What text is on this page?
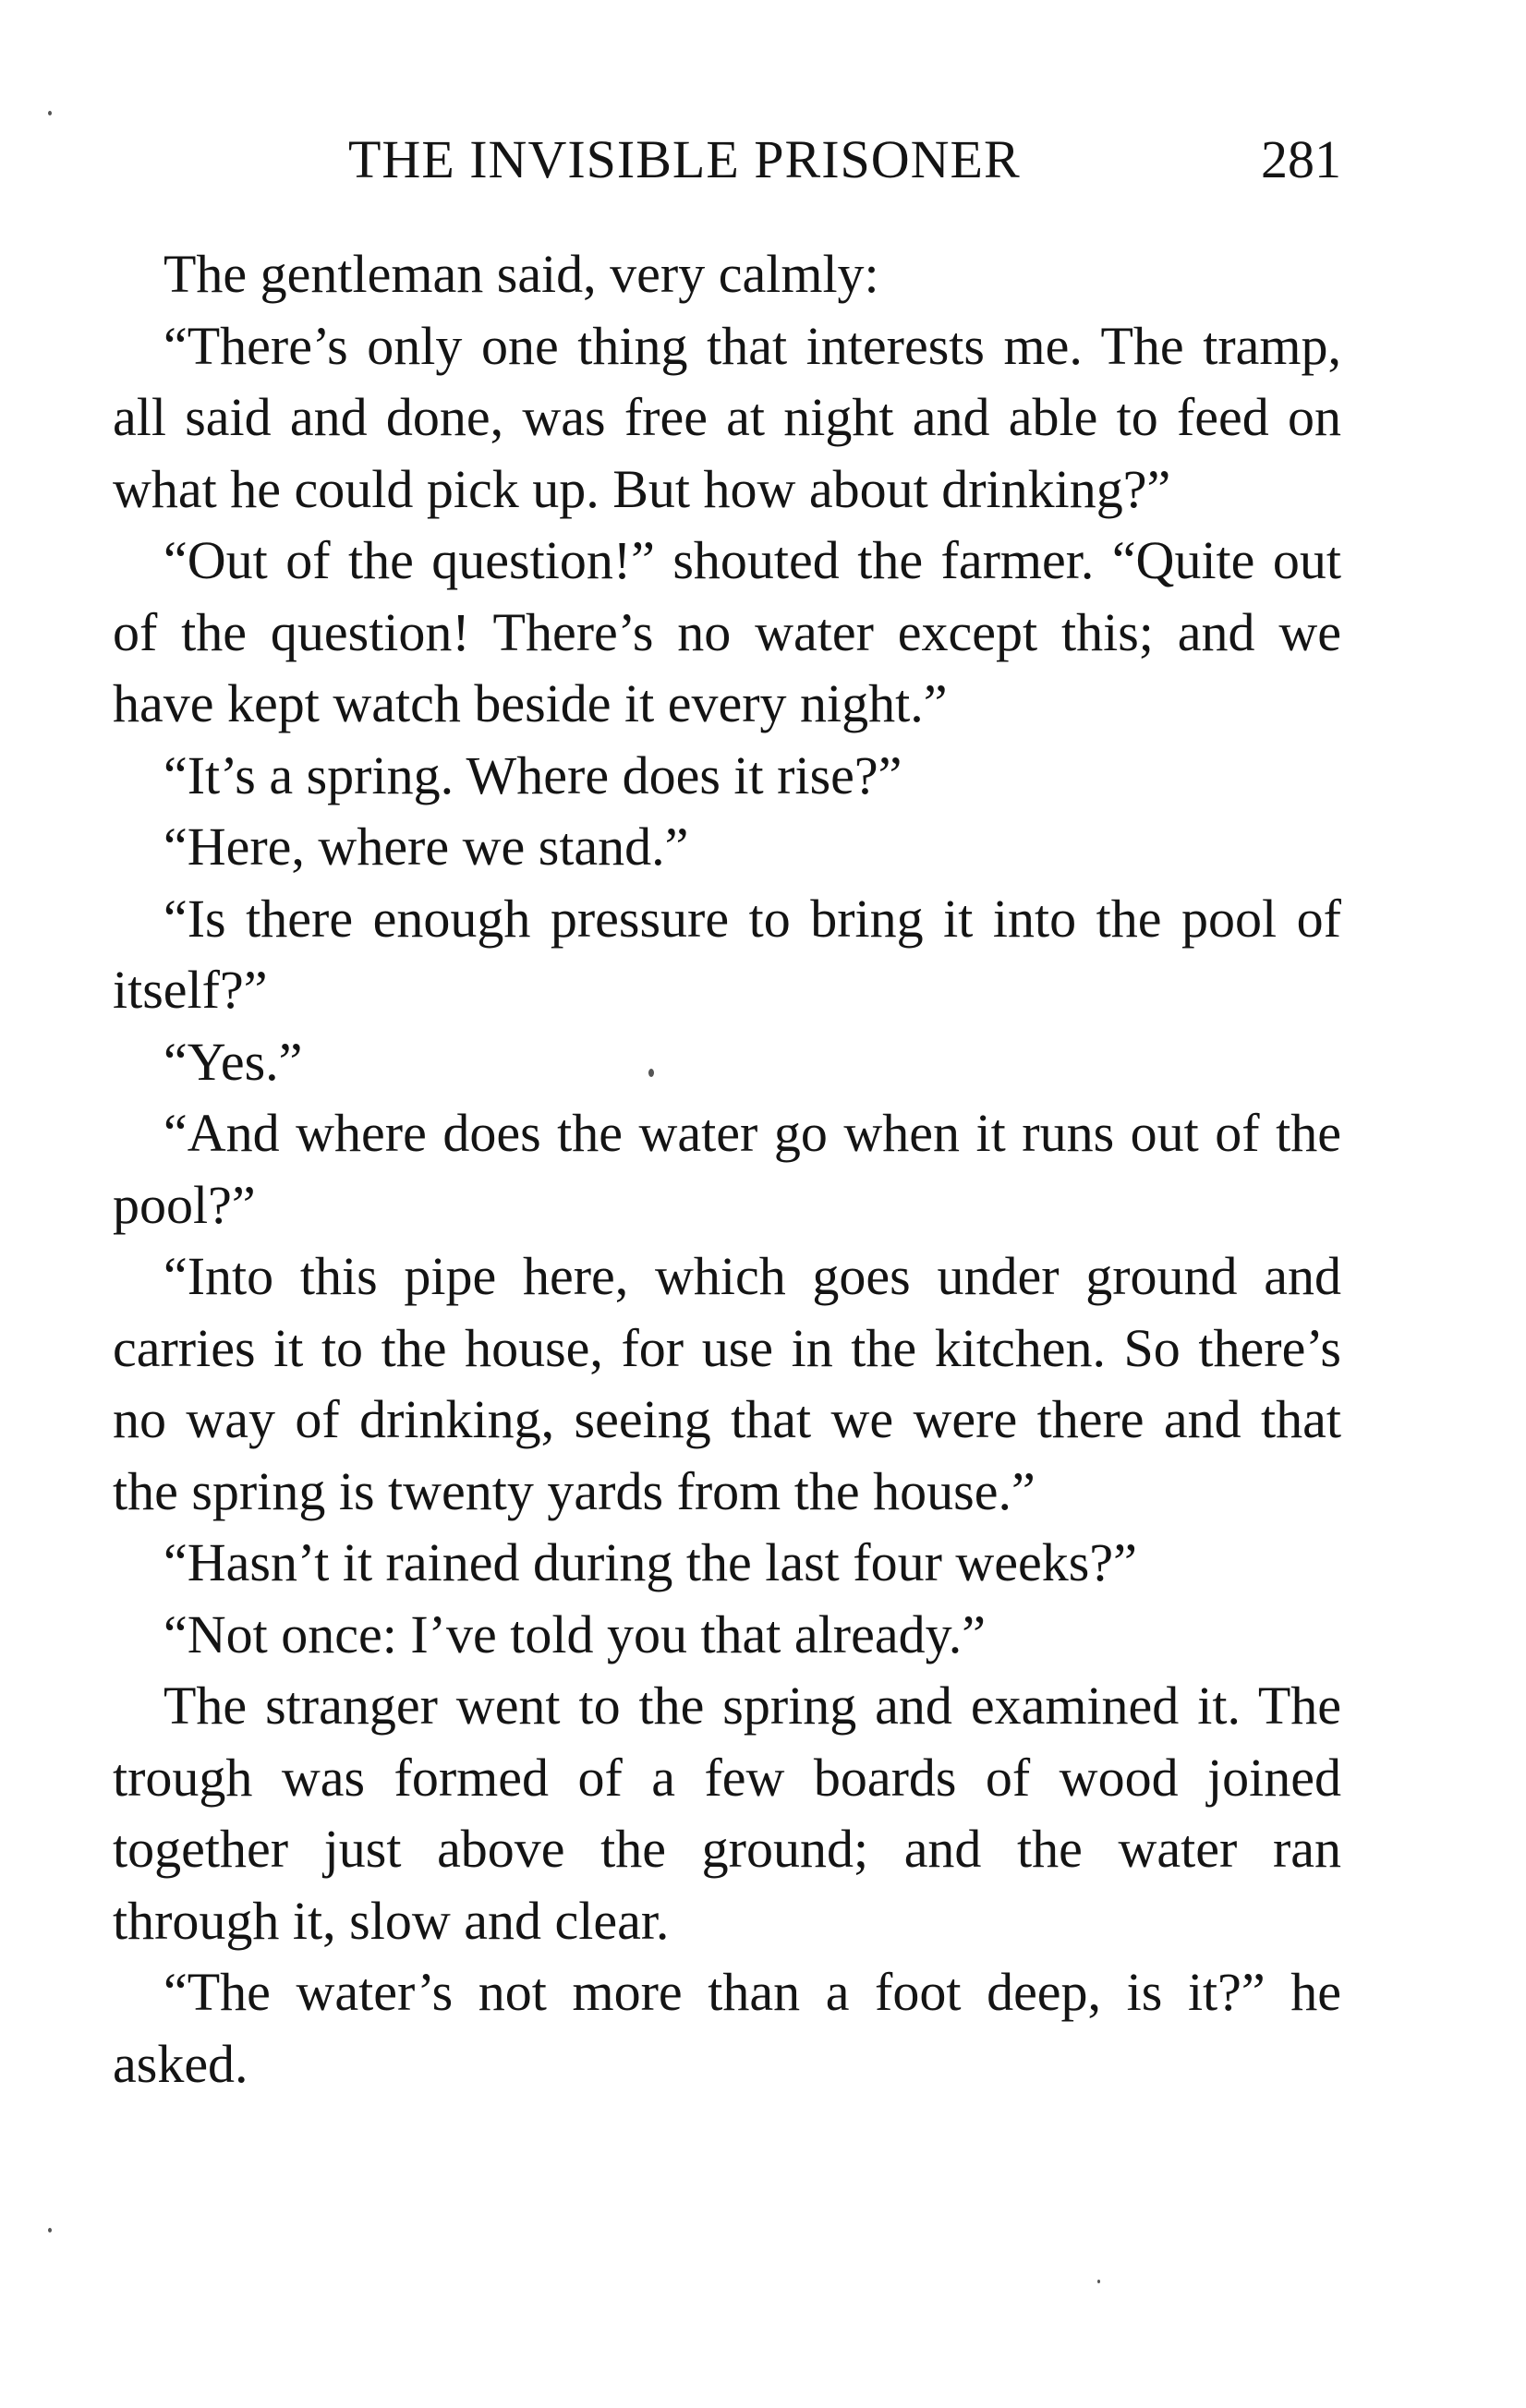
THE INVISIBLE PRISONER	281

The gentleman said, very calmly:

“There’s only one thing that interests me. The tramp, all said and done, was free at night and able to feed on what he could pick up. But how about drinking?”

“Out of the question!” shouted the farmer. “Quite out of the question! There’s no water except this; and we have kept watch beside it every night.”

“It’s a spring. Where does it rise?”

“Here, where we stand.”

“Is there enough pressure to bring it into the pool of itself?”

“Yes.”

“And where does the water go when it runs out of the pool?”

“Into this pipe here, which goes under ground and carries it to the house, for use in the kitchen. So there’s no way of drinking, seeing that we were there and that the spring is twenty yards from the house.”

“Hasn’t it rained during the last four weeks?”

“Not once: I’ve told you that already.”

The stranger went to the spring and examined it. The trough was formed of a few boards of wood joined together just above the ground; and the water ran through it, slow and clear.

“The water’s not more than a foot deep, is it?” he asked.
